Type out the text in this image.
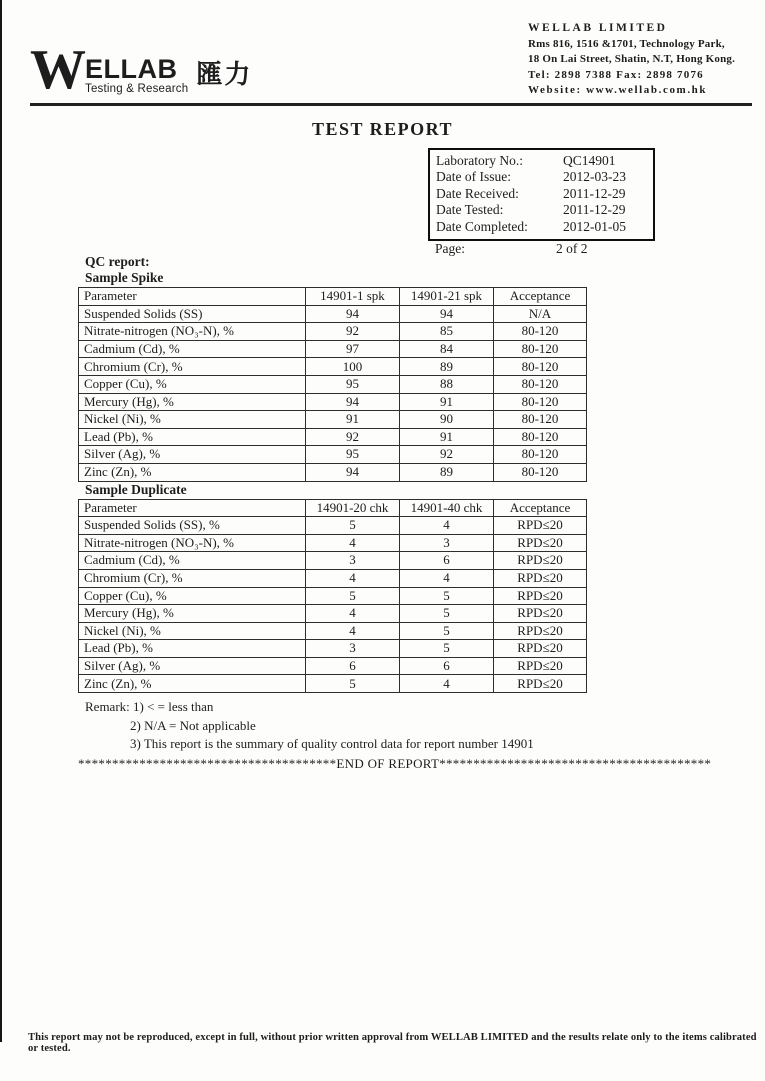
W ELLAB
Testing & Research 匯力
WELLAB LIMITED
Rms 816, 1516 &1701, Technology Park,
18 On Lai Street, Shatin, N.T, Hong Kong.
Tel: 2898 7388 Fax: 2898 7076
Website: www.wellab.com.hk
TEST REPORT
Laboratory No.:	QC14901
Date of Issue:	2012-03-23
Date Received:	2011-12-29
Date Tested:	2011-12-29
Date Completed:	2012-01-05
Page:	2 of 2
QC report:
Sample Spike
Parameter	14901-1 spk	14901-21 spk	Acceptance
Suspended Solids (SS)	94	94	N/A
Nitrate-nitrogen (NO₃-N), %	92	85	80-120
Cadmium (Cd), %	97	84	80-120
Chromium (Cr), %	100	89	80-120
Copper (Cu), %	95	88	80-120
Mercury (Hg), %	94	91	80-120
Nickel (Ni), %	91	90	80-120
Lead (Pb), %	92	91	80-120
Silver (Ag), %	95	92	80-120
Zinc (Zn), %	94	89	80-120
Sample Duplicate
Parameter	14901-20 chk	14901-40 chk	Acceptance
Suspended Solids (SS), %	5	4	RPD≤20
Nitrate-nitrogen (NO₃-N), %	4	3	RPD≤20
Cadmium (Cd), %	3	6	RPD≤20
Chromium (Cr), %	4	4	RPD≤20
Copper (Cu), %	5	5	RPD≤20
Mercury (Hg), %	4	5	RPD≤20
Nickel (Ni), %	4	5	RPD≤20
Lead (Pb), %	3	5	RPD≤20
Silver (Ag), %	6	6	RPD≤20
Zinc (Zn), %	5	4	RPD≤20
Remark: 1) < = less than
2) N/A = Not applicable
3) This report is the summary of quality control data for report number 14901
**************************************END OF REPORT****************************************
This report may not be reproduced, except in full, without prior written approval from WELLAB LIMITED and the results relate only to the items calibrated or tested.
